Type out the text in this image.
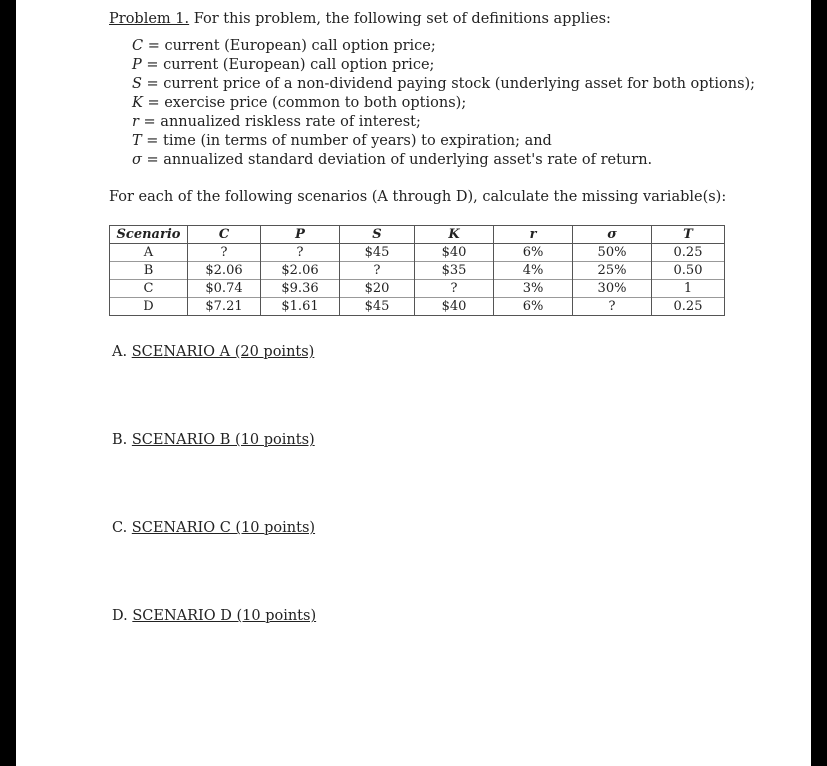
Problem 1. For this problem, the following set of definitions applies:

C = current (European) call option price;
P = current (European) call option price;
S = current price of a non-dividend paying stock (underlying asset for both options);
K = exercise price (common to both options);
r = annualized riskless rate of interest;
T = time (in terms of number of years) to expiration; and
σ = annualized standard deviation of underlying asset's rate of return.

For each of the following scenarios (A through D), calculate the missing variable(s):

Scenario	C	P	S	K	r	σ	T
A	?	?	$45	$40	6%	50%	0.25
B	$2.06	$2.06	?	$35	4%	25%	0.50
C	$0.74	$9.36	$20	?	3%	30%	1
D	$7.21	$1.61	$45	$40	6%	?	0.25
A. SCENARIO A (20 points)
B. SCENARIO B (10 points)
C. SCENARIO C (10 points)
D. SCENARIO D (10 points)
